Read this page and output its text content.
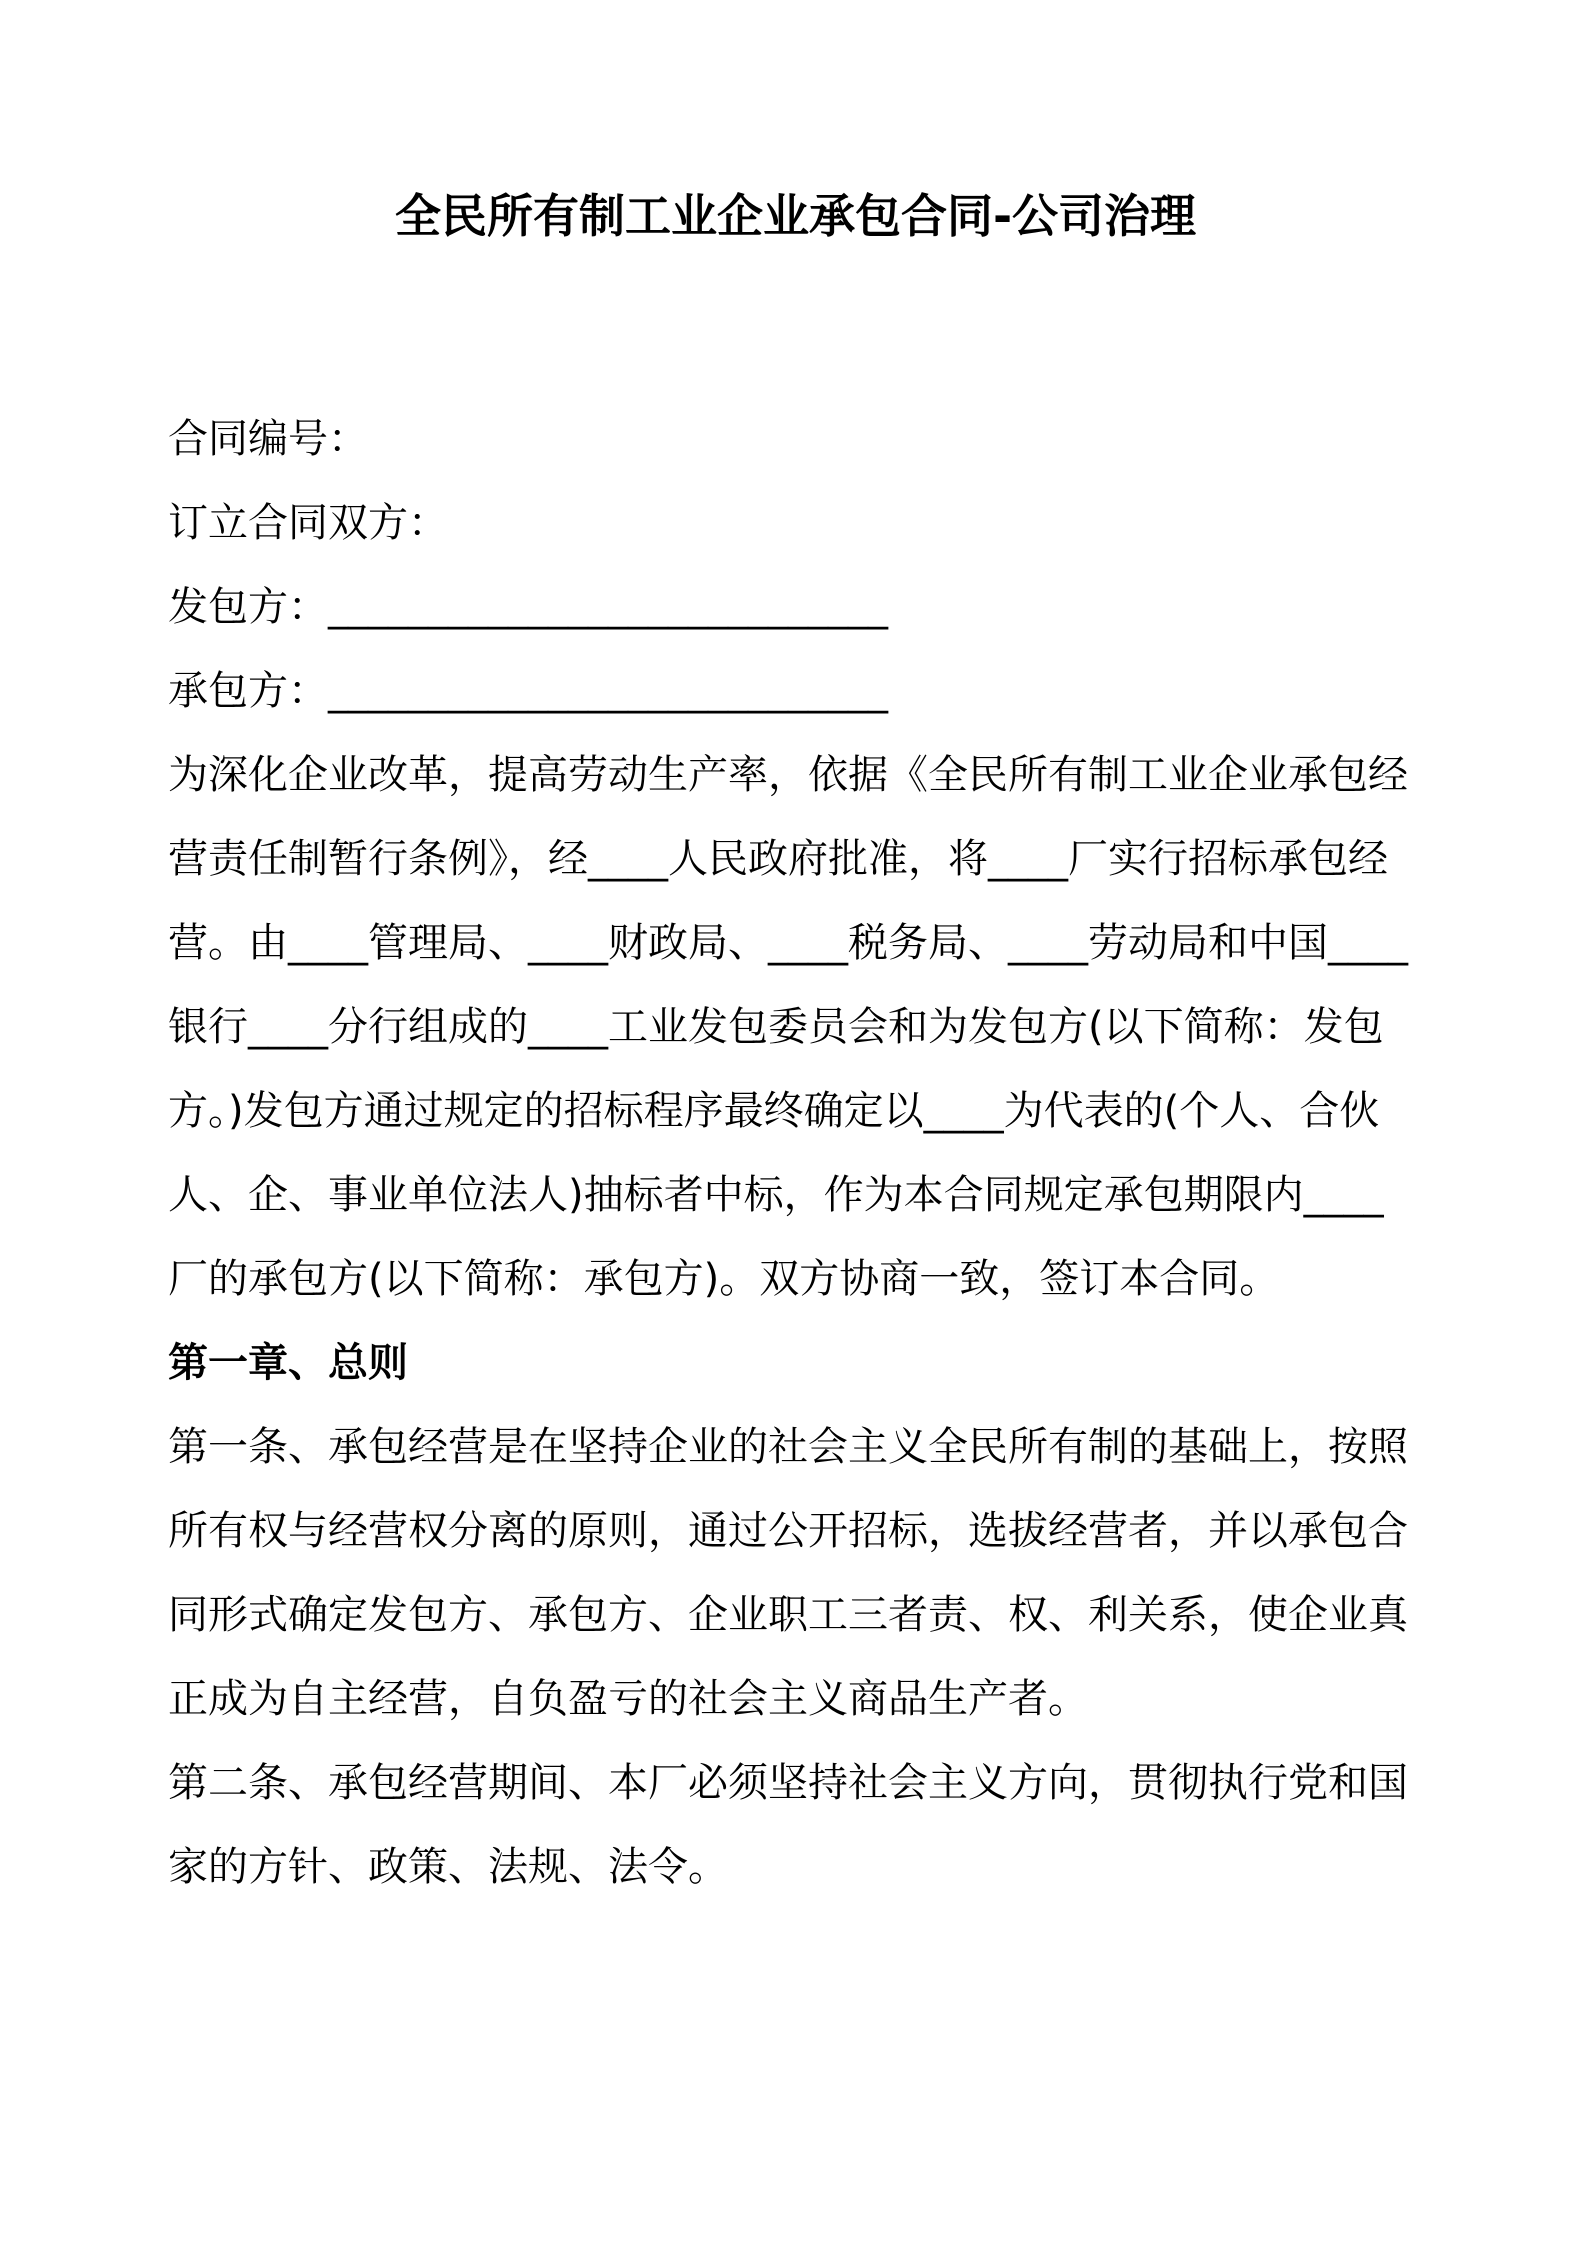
全民所有制工业企业承包合同-公司治理

合同编号：

订立合同双方：

发包方：____________________________

承包方：____________________________

为深化企业改革，提高劳动生产率，依据《全民所有制工业企业承包经营责任制暂行条例》，经____人民政府批准，将____厂实行招标承包经营。由____管理局、____财政局、____税务局、____劳动局和中国____银行____分行组成的____工业发包委员会和为发包方(以下简称：发包方。)发包方通过规定的招标程序最终确定以____为代表的(个人、合伙人、企、事业单位法人)抽标者中标，作为本合同规定承包期限内____厂的承包方(以下简称：承包方)。双方协商一致，签订本合同。

第一章、总则

第一条、承包经营是在坚持企业的社会主义全民所有制的基础上，按照所有权与经营权分离的原则，通过公开招标，选拔经营者，并以承包合同形式确定发包方、承包方、企业职工三者责、权、利关系，使企业真正成为自主经营，自负盈亏的社会主义商品生产者。

第二条、承包经营期间、本厂必须坚持社会主义方向，贯彻执行党和国家的方针、政策、法规、法令。
